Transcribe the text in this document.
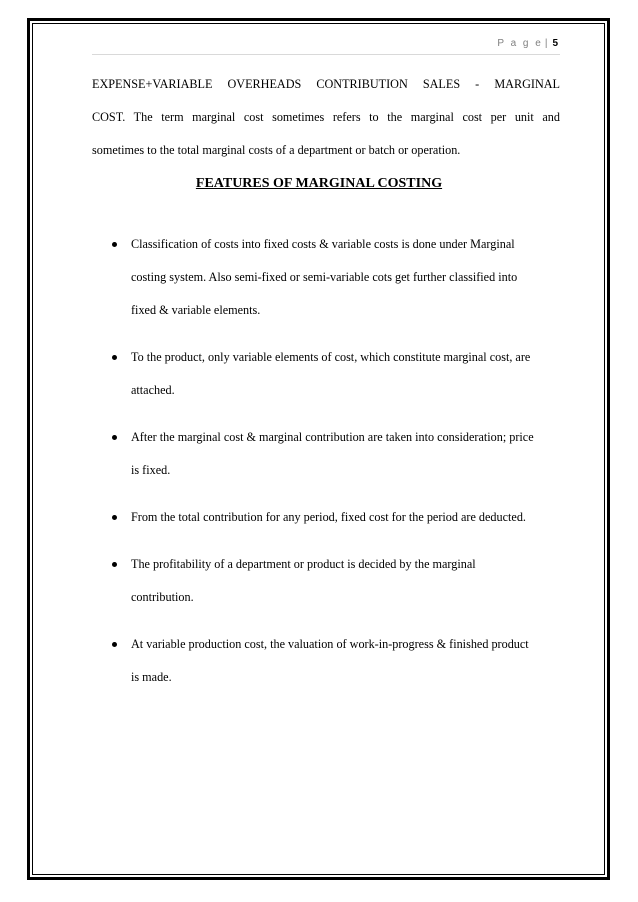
P a g e | 5
EXPENSE+VARIABLE OVERHEADS CONTRIBUTION SALES - MARGINAL
COST. The term marginal cost sometimes refers to the marginal cost per unit and
sometimes to the total marginal costs of a department or batch or operation.
FEATURES OF MARGINAL COSTING
Classification of costs into fixed costs & variable costs is done under Marginal
costing system. Also semi-fixed or semi-variable cots get further classified into
fixed & variable elements.
To the product, only variable elements of cost, which constitute marginal cost, are
attached.
After the marginal cost & marginal contribution are taken into consideration; price
is fixed.
From the total contribution for any period, fixed cost for the period are deducted.
The profitability of a department or product is decided by the marginal
contribution.
At variable production cost, the valuation of work-in-progress & finished product
is made.
